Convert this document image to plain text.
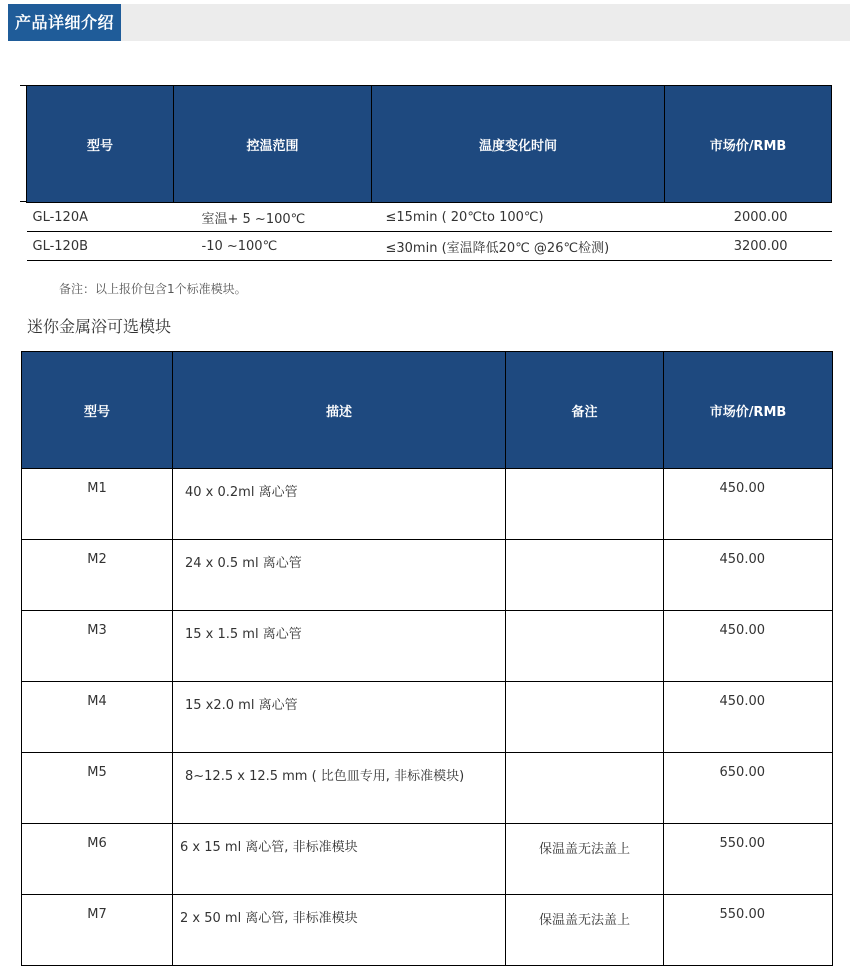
产品详细介绍
型号	控温范围	温度变化时间	市场价/RMB
GL-120A	室温+ 5 ~100℃	≤15min ( 20℃to 100℃)	2000.00
GL-120B	-10 ~100℃	≤30min (室温降低20℃ @26℃检测)	3200.00
备注：以上报价包含1个标准模块。
迷你金属浴可选模块
型号	描述	备注	市场价/RMB
M1	40 x 0.2ml 离心管		450.00
M2	24 x 0.5 ml 离心管		450.00
M3	15 x 1.5 ml 离心管		450.00
M4	15 x2.0 ml 离心管		450.00
M5	8~12.5 x 12.5 mm ( 比色皿专用, 非标准模块)		650.00
M6	6 x 15 ml 离心管, 非标准模块	保温盖无法盖上	550.00
M7	2 x 50 ml 离心管, 非标准模块	保温盖无法盖上	550.00
